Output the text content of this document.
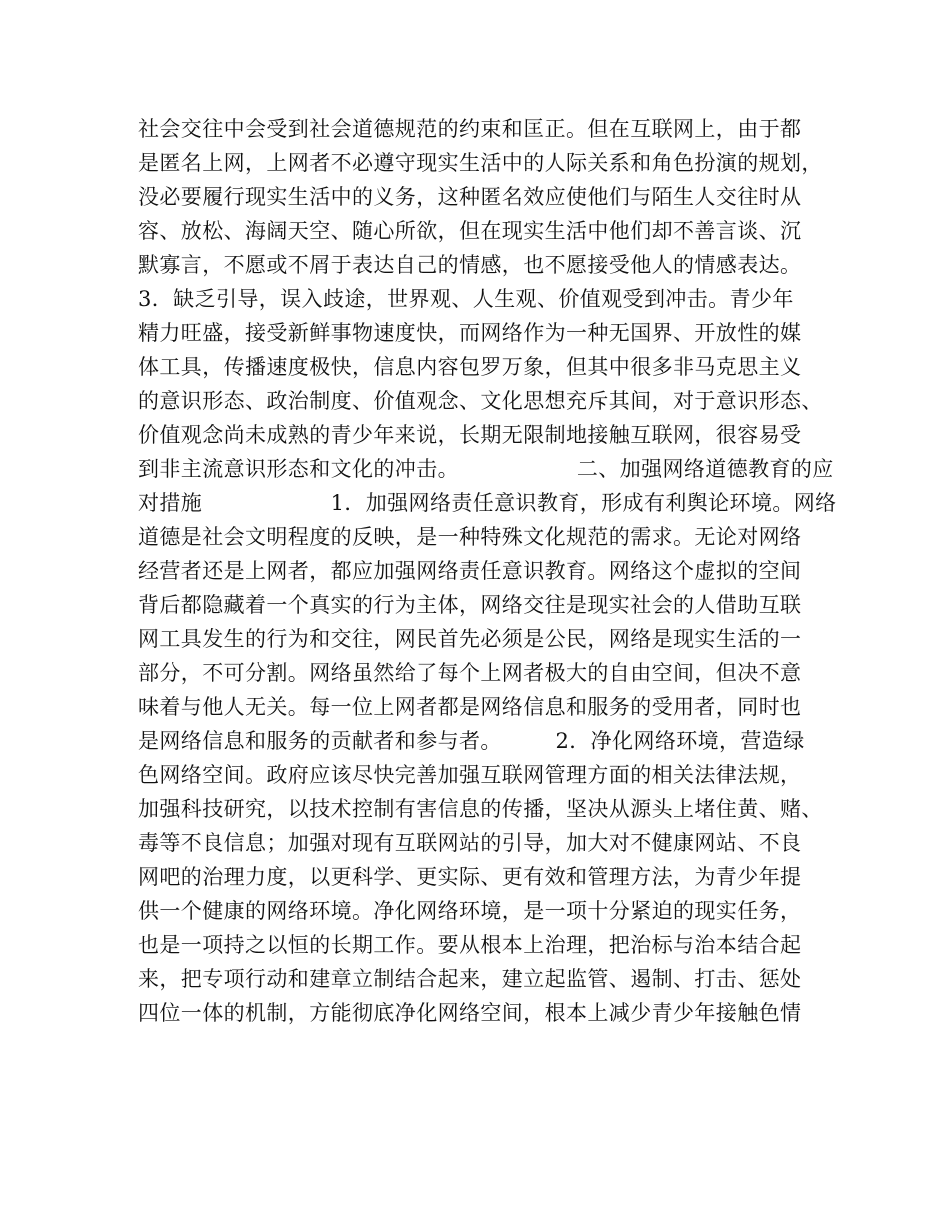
社会交往中会受到社会道德规范的约束和匡正。但在互联网上，由于都
是匿名上网，上网者不必遵守现实生活中的人际关系和角色扮演的规划，
没必要履行现实生活中的义务，这种匿名效应使他们与陌生人交往时从
容、放松、海阔天空、随心所欲，但在现实生活中他们却不善言谈、沉
默寡言，不愿或不屑于表达自己的情感，也不愿接受他人的情感表达。
3．缺乏引导，误入歧途，世界观、人生观、价值观受到冲击。青少年
精力旺盛，接受新鲜事物速度快，而网络作为一种无国界、开放性的媒
体工具，传播速度极快，信息内容包罗万象，但其中很多非马克思主义
的意识形态、政治制度、价值观念、文化思想充斥其间，对于意识形态、
价值观念尚未成熟的青少年来说，长期无限制地接触互联网，很容易受
到非主流意识形态和文化的冲击。　　　　　　二、加强网络道德教育的应
对措施　　　　　　1．加强网络责任意识教育，形成有利舆论环境。网络
道德是社会文明程度的反映，是一种特殊文化规范的需求。无论对网络
经营者还是上网者，都应加强网络责任意识教育。网络这个虚拟的空间
背后都隐藏着一个真实的行为主体，网络交往是现实社会的人借助互联
网工具发生的行为和交往，网民首先必须是公民，网络是现实生活的一
部分，不可分割。网络虽然给了每个上网者极大的自由空间，但决不意
味着与他人无关。每一位上网者都是网络信息和服务的受用者，同时也
是网络信息和服务的贡献者和参与者。　　　2．净化网络环境，营造绿
色网络空间。政府应该尽快完善加强互联网管理方面的相关法律法规，
加强科技研究，以技术控制有害信息的传播，坚决从源头上堵住黄、赌、
毒等不良信息；加强对现有互联网站的引导，加大对不健康网站、不良
网吧的治理力度，以更科学、更实际、更有效和管理方法，为青少年提
供一个健康的网络环境。净化网络环境，是一项十分紧迫的现实任务，
也是一项持之以恒的长期工作。要从根本上治理，把治标与治本结合起
来，把专项行动和建章立制结合起来，建立起监管、遏制、打击、惩处
四位一体的机制，方能彻底净化网络空间，根本上减少青少年接触色情
